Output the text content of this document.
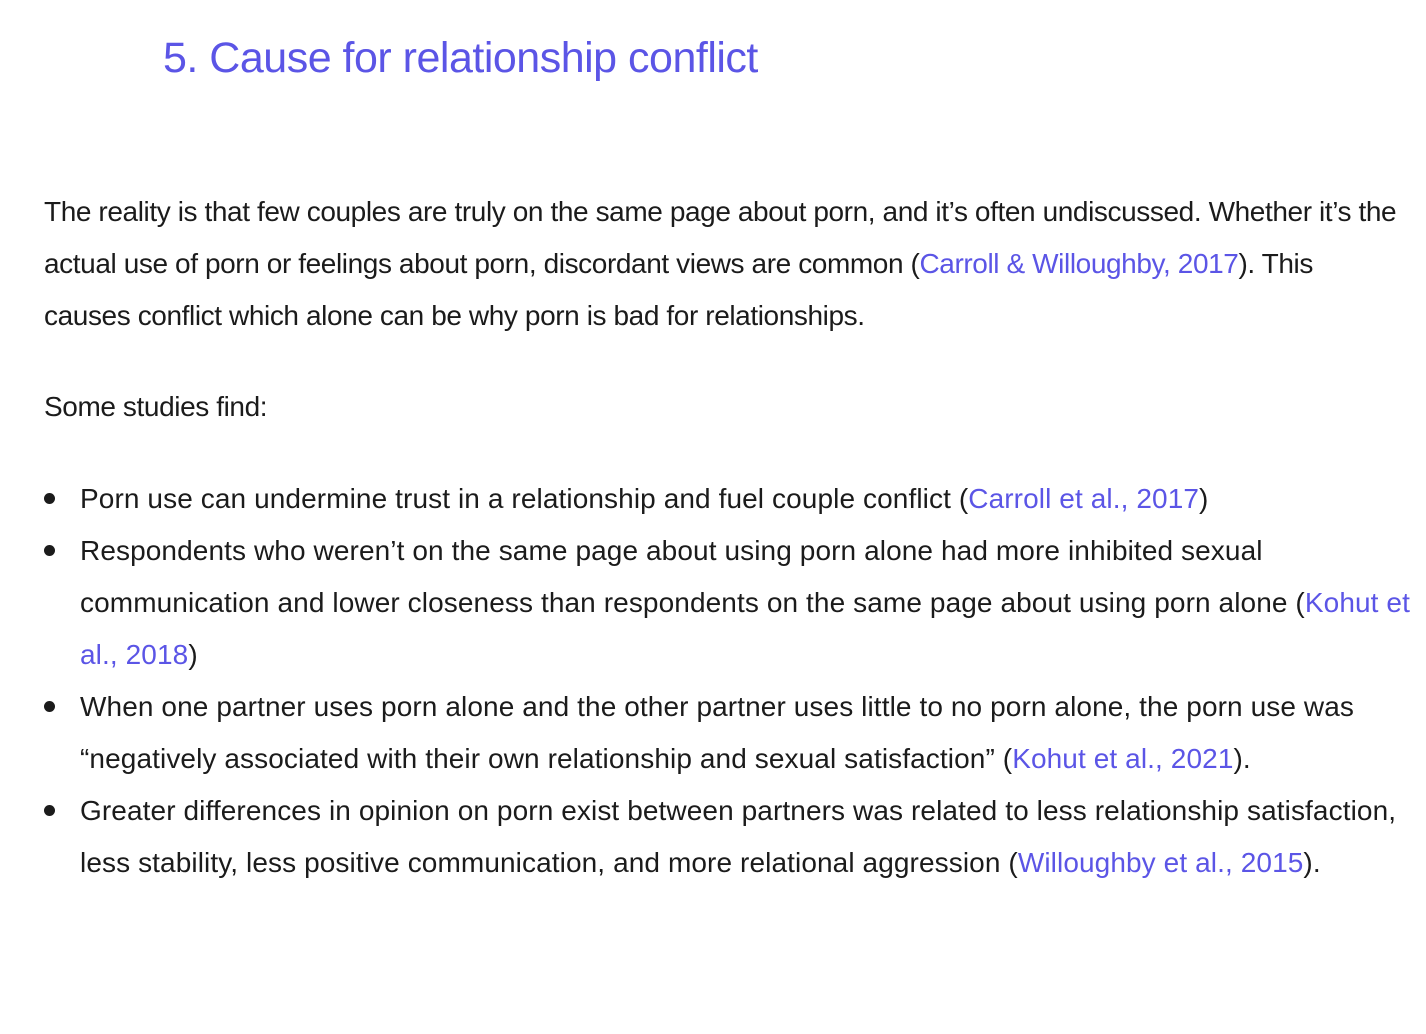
5. Cause for relationship conflict

The reality is that few couples are truly on the same page about porn, and it’s often undiscussed. Whether it’s the actual use of porn or feelings about porn, discordant views are common (Carroll & Willoughby, 2017). This causes conflict which alone can be why porn is bad for relationships.

Some studies find:

Porn use can undermine trust in a relationship and fuel couple conflict (Carroll et al., 2017)
Respondents who weren’t on the same page about using porn alone had more inhibited sexual communication and lower closeness than respondents on the same page about using porn alone (Kohut et al., 2018)
When one partner uses porn alone and the other partner uses little to no porn alone, the porn use was “negatively associated with their own relationship and sexual satisfaction” (Kohut et al., 2021).
Greater differences in opinion on porn exist between partners was related to less relationship satisfaction, less stability, less positive communication, and more relational aggression (Willoughby et al., 2015).
